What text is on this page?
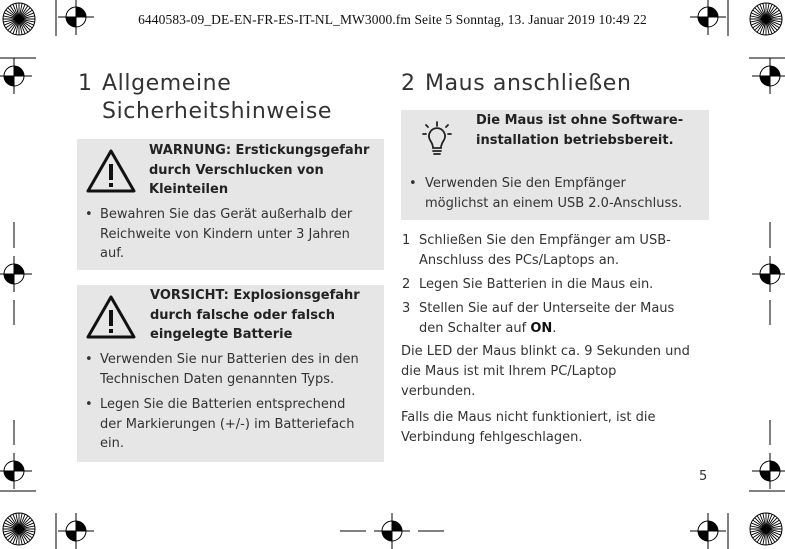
6440583-09_DE-EN-FR-ES-IT-NL_MW3000.fm Seite 5 Sonntag, 13. Januar 2019 10:49 22
1 Allgemeine
Sicherheitshinweise
WARNUNG: Erstickungsgefahr
durch Verschlucken von
Kleinteilen
• Bewahren Sie das Gerät außerhalb der
Reichweite von Kindern unter 3 Jahren
auf.
VORSICHT: Explosionsgefahr
durch falsche oder falsch
eingelegte Batterie
• Verwenden Sie nur Batterien des in den
Technischen Daten genannten Typs.
• Legen Sie die Batterien entsprechend
der Markierungen (+/-) im Batteriefach
ein.
2 Maus anschließen
Die Maus ist ohne Software-
installation betriebsbereit.
• Verwenden Sie den Empfänger
möglichst an einem USB 2.0-Anschluss.
1 Schließen Sie den Empfänger am USB-
Anschluss des PCs/Laptops an.
2 Legen Sie Batterien in die Maus ein.
3 Stellen Sie auf der Unterseite der Maus
den Schalter auf ON.
Die LED der Maus blinkt ca. 9 Sekunden und
die Maus ist mit Ihrem PC/Laptop
verbunden.
Falls die Maus nicht funktioniert, ist die
Verbindung fehlgeschlagen.
5
